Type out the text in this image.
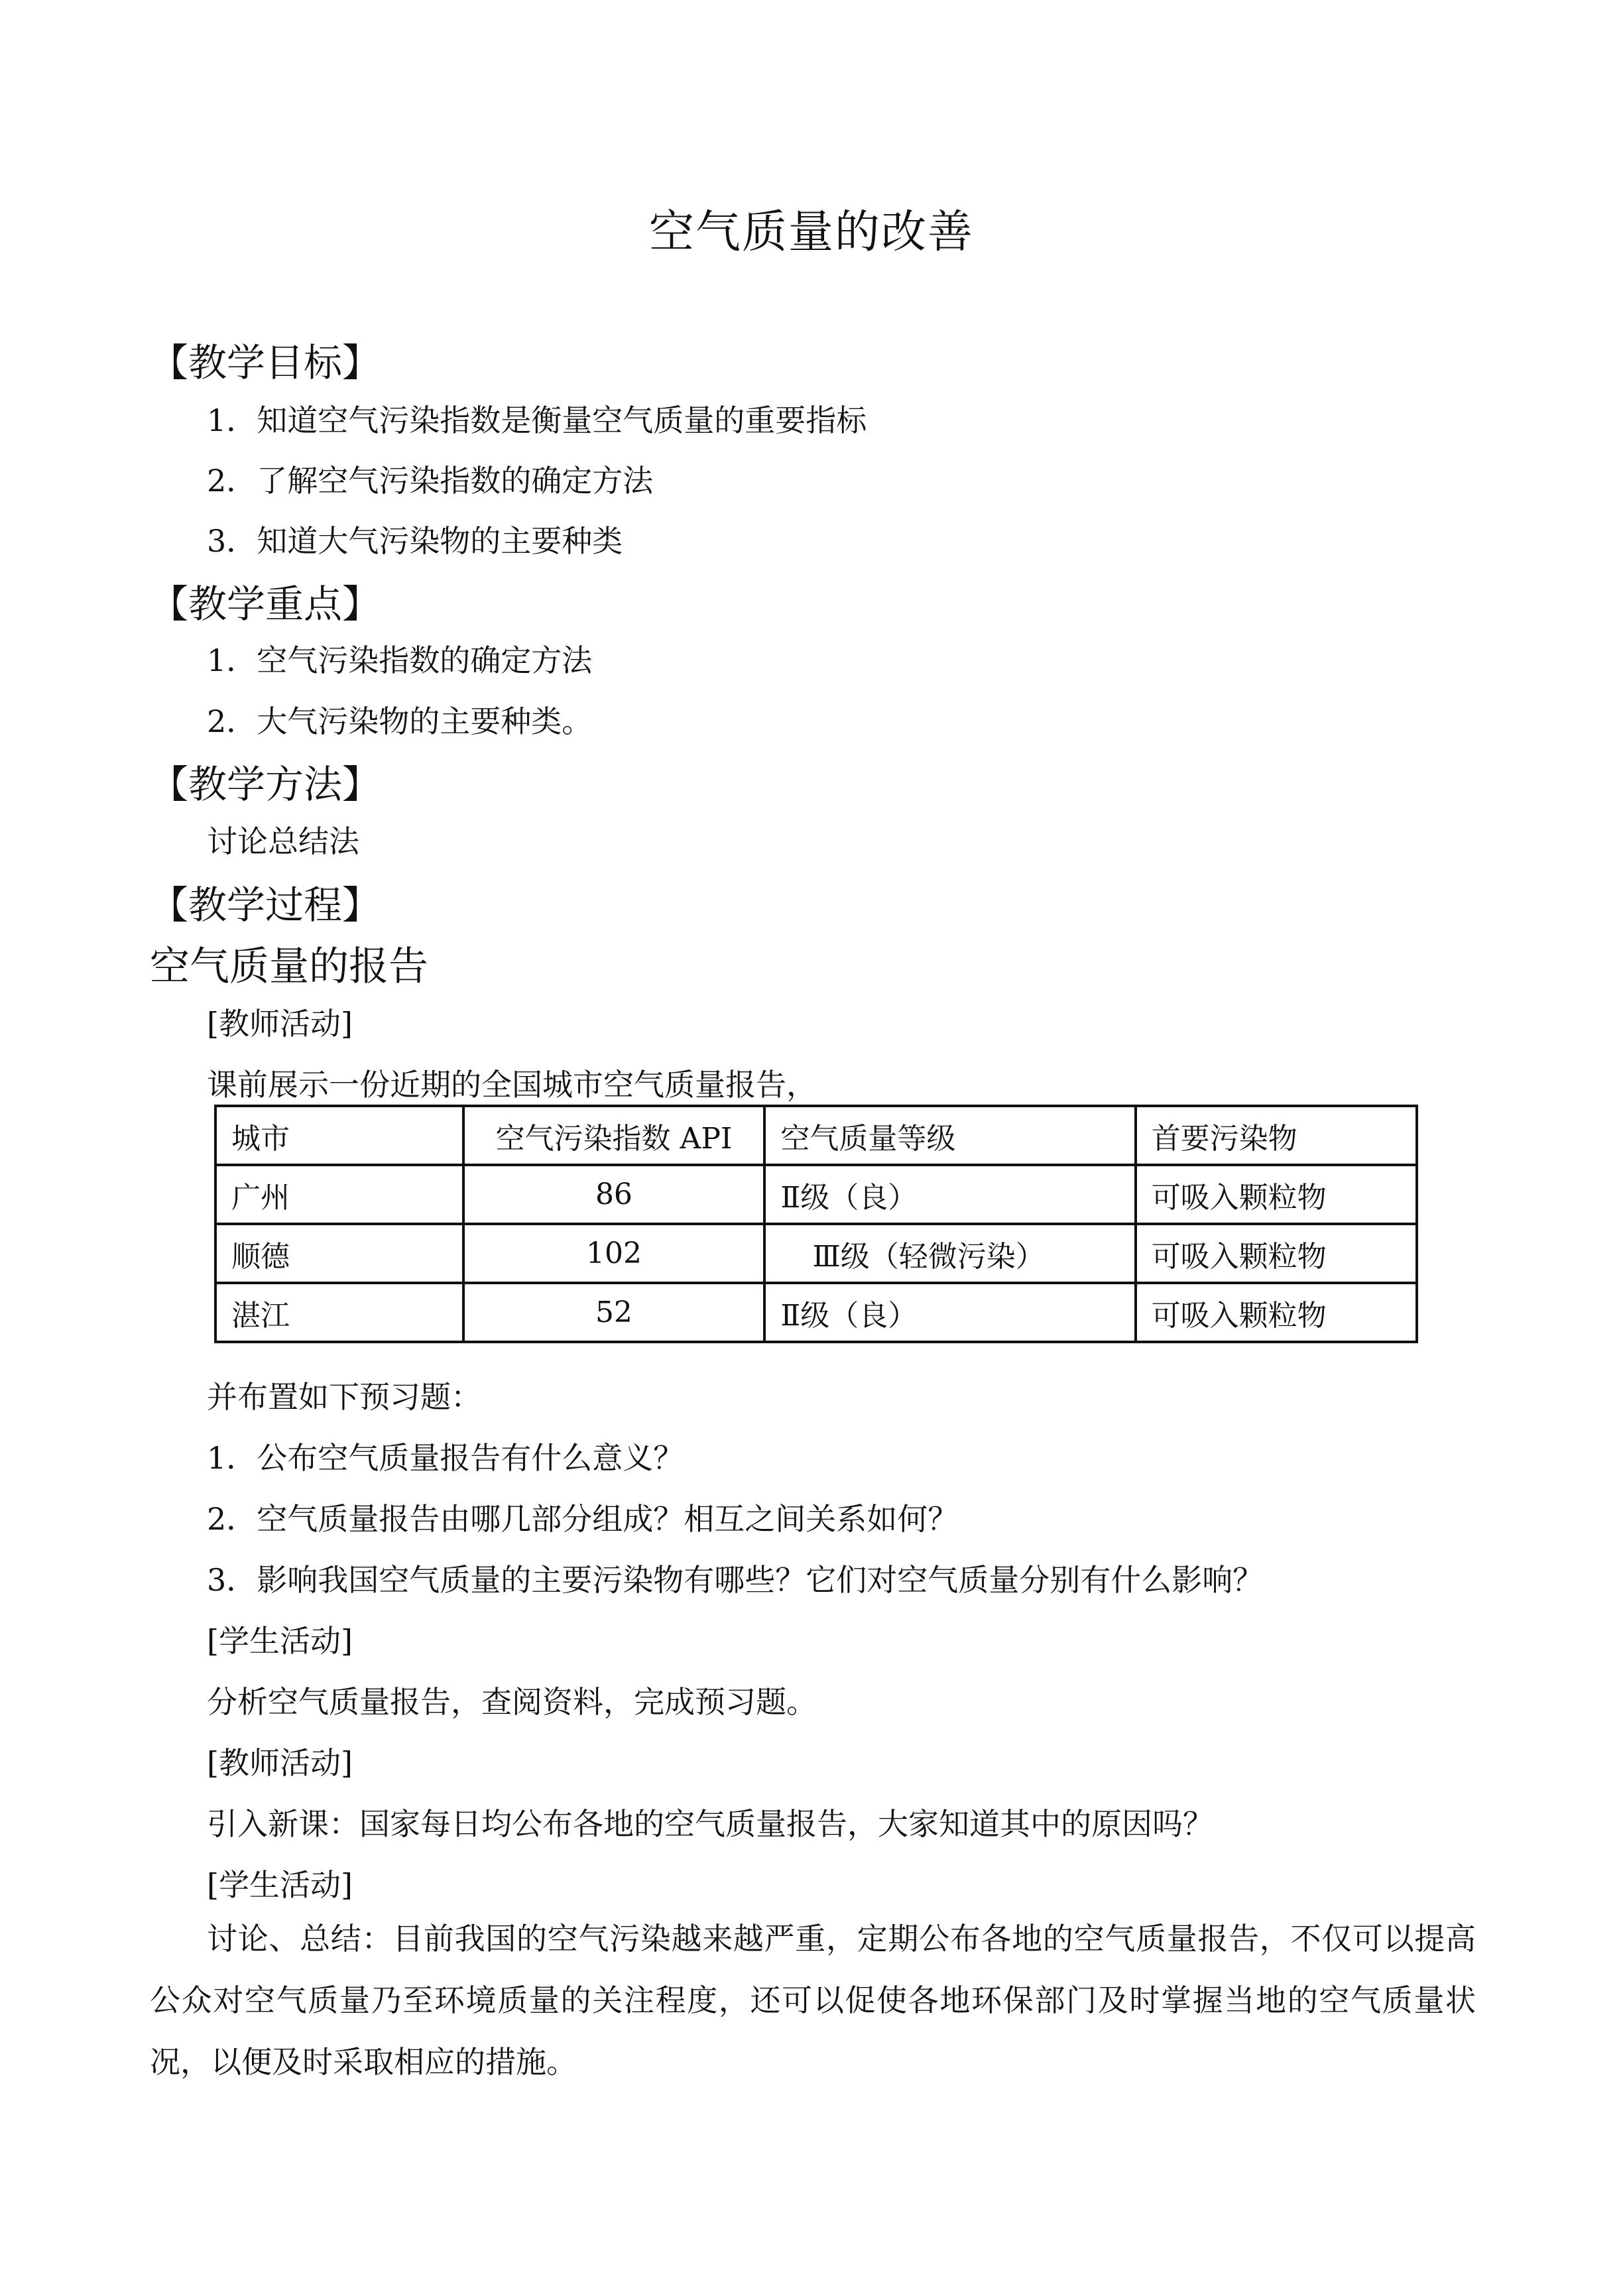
空气质量的改善
【教学目标】
1．知道空气污染指数是衡量空气质量的重要指标
2．了解空气污染指数的确定方法
3．知道大气污染物的主要种类
【教学重点】
1．空气污染指数的确定方法
2．大气污染物的主要种类。
【教学方法】
讨论总结法
【教学过程】
空气质量的报告
[教师活动]
课前展示一份近期的全国城市空气质量报告，
城市	空气污染指数 API	空气质量等级	首要污染物
广州	86	Ⅱ级（良）	可吸入颗粒物
顺德	102	Ⅲ级（轻微污染）	可吸入颗粒物
湛江	52	Ⅱ级（良）	可吸入颗粒物
并布置如下预习题：
1．公布空气质量报告有什么意义？
2．空气质量报告由哪几部分组成？相互之间关系如何？
3．影响我国空气质量的主要污染物有哪些？它们对空气质量分别有什么影响？
[学生活动]
分析空气质量报告，查阅资料，完成预习题。
[教师活动]
引入新课：国家每日均公布各地的空气质量报告，大家知道其中的原因吗？
[学生活动]
讨论、总结：目前我国的空气污染越来越严重，定期公布各地的空气质量报告，不仅可以提高公众对空气质量乃至环境质量的关注程度，还可以促使各地环保部门及时掌握当地的空气质量状况，以便及时采取相应的措施。
